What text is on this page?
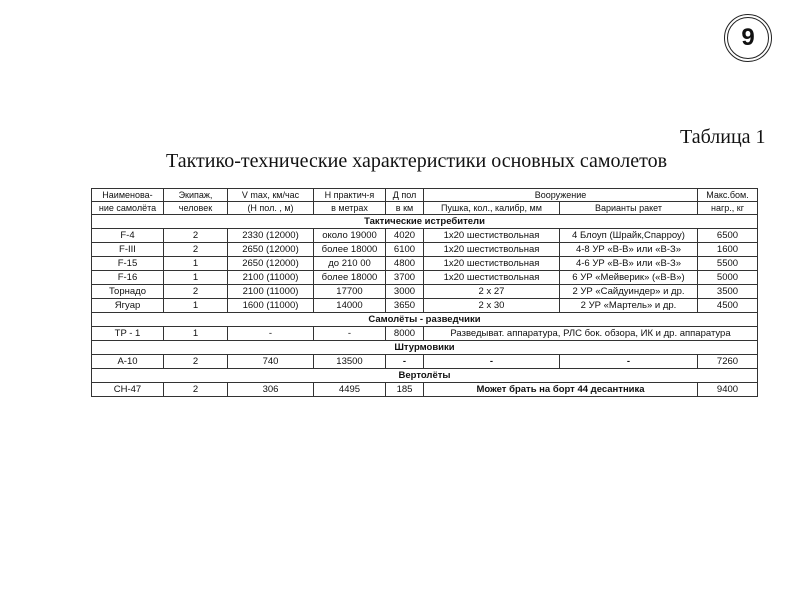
9
Таблица 1
Тактико-технические характеристики основных самолетов
Наименова-	Экипаж,	V max, км/час	Н практич-я	Д пол	Вооружение		Макс.бом.
ние самолёта	человек	(Н пол. , м)	в метрах	в км	Пушка, кол., калибр, мм	Варианты ракет	нагр., кг
Тактические истребители							
F-4	2	2330 (12000)	около 19000	4020	1х20 шестиствольная	4 Блоуп (Шрайк,Спарроу)	6500
F-III	2	2650 (12000)	более 18000	6100	1х20 шестиствольная	4-8 УР «В-В» или «В-З»	1600
F-15	1	2650 (12000)	до 210 00	4800	1х20 шестиствольная	4-6 УР «В-В» или «В-З»	5500
F-16	1	2100 (11000)	более 18000	3700	1х20 шестиствольная	6 УР «Мейверик» («В-В»)	5000
Торнадо	2	2100 (11000)	17700	3000	2 х 27	2 УР «Сайдуиндер» и др.	3500
Ягуар	1	1600 (11000)	14000	3650	2 х 30	2 УР «Мартель» и др.	4500
Самолёты - разведчики							
TP - 1	1	-	-	8000	Разведыват. аппаратура, РЛС бок. обзора, ИК и др. аппаратура		
Штурмовики							
A-10	2	740	13500	-	-	-	7260
Вертолёты							
CH-47	2	306	4495	185	Может брать на борт 44 десантника		9400
